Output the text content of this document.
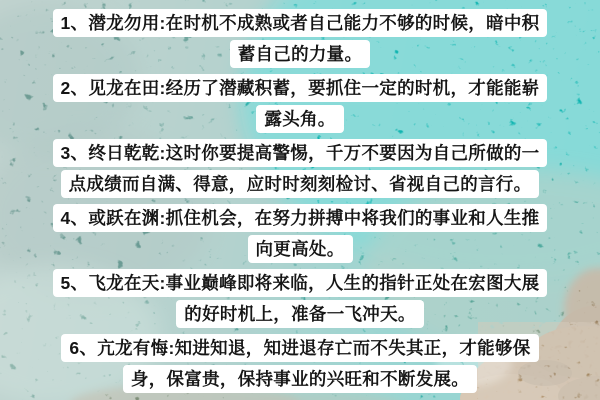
1、潜龙勿用:在时机不成熟或者自己能力不够的时候，暗中积
蓄自己的力量。
2、见龙在田:经历了潜藏积蓄，要抓住一定的时机，才能能崭
露头角。
3、终日乾乾:这时你要提高警惕，千万不要因为自己所做的一
点成绩而自满、得意，应时时刻刻检讨、省视自己的言行。
4、或跃在渊:抓住机会，在努力拼搏中将我们的事业和人生推
向更高处。
5、飞龙在天:事业巅峰即将来临，人生的指针正处在宏图大展
的好时机上，准备一飞冲天。
6、亢龙有悔:知进知退，知进退存亡而不失其正，才能够保
身，保富贵，保持事业的兴旺和不断发展。
